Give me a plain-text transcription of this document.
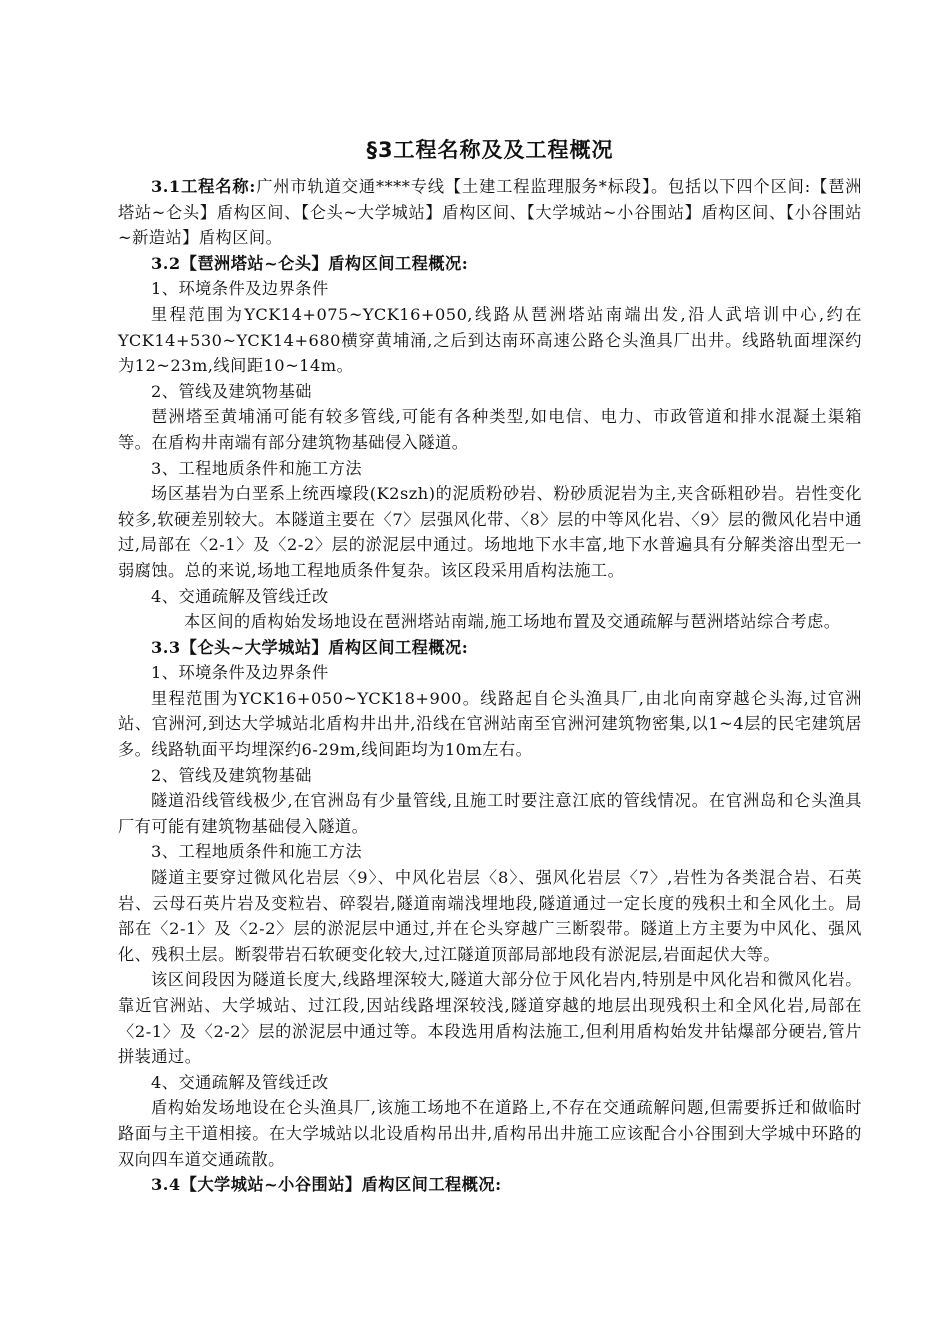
§3工程名称及及工程概况

3.1工程名称:广州市轨道交通****专线【土建工程监理服务*标段】。包括以下四个区间:【琶洲塔站~仑头】盾构区间、【仑头~大学城站】盾构区间、【大学城站~小谷围站】盾构区间、【小谷围站~新造站】盾构区间。

3.2【琶洲塔站~仑头】盾构区间工程概况:

1、环境条件及边界条件

里程范围为YCK14+075~YCK16+050,线路从琶洲塔站南端出发,沿人武培训中心,约在YCK14+530~YCK14+680横穿黄埔涌,之后到达南环高速公路仑头渔具厂出井。线路轨面埋深约为12~23m,线间距10~14m。

2、管线及建筑物基础

琶洲塔至黄埔涌可能有较多管线,可能有各种类型,如电信、电力、市政管道和排水混凝土渠箱等。在盾构井南端有部分建筑物基础侵入隧道。

3、工程地质条件和施工方法

场区基岩为白垩系上统西壕段(K2szh)的泥质粉砂岩、粉砂质泥岩为主,夹含砾粗砂岩。岩性变化较多,软硬差别较大。本隧道主要在〈7〉层强风化带、〈8〉层的中等风化岩、〈9〉层的微风化岩中通过,局部在〈2-1〉及〈2-2〉层的淤泥层中通过。场地地下水丰富,地下水普遍具有分解类溶出型无一弱腐蚀。总的来说,场地工程地质条件复杂。该区段采用盾构法施工。

4、交通疏解及管线迁改

本区间的盾构始发场地设在琶洲塔站南端,施工场地布置及交通疏解与琶洲塔站综合考虑。

3.3【仑头~大学城站】盾构区间工程概况:

1、环境条件及边界条件

里程范围为YCK16+050~YCK18+900。线路起自仑头渔具厂,由北向南穿越仑头海,过官洲站、官洲河,到达大学城站北盾构井出井,沿线在官洲站南至官洲河建筑物密集,以1~4层的民宅建筑居多。线路轨面平均埋深约6-29m,线间距均为10m左右。

2、管线及建筑物基础

隧道沿线管线极少,在官洲岛有少量管线,且施工时要注意江底的管线情况。在官洲岛和仑头渔具厂有可能有建筑物基础侵入隧道。

3、工程地质条件和施工方法

隧道主要穿过微风化岩层〈9〉、中风化岩层〈8〉、强风化岩层〈7〉,岩性为各类混合岩、石英岩、云母石英片岩及变粒岩、碎裂岩,隧道南端浅埋地段,隧道通过一定长度的残积土和全风化土。局部在〈2-1〉及〈2-2〉层的淤泥层中通过,并在仑头穿越广三断裂带。隧道上方主要为中风化、强风化、残积土层。断裂带岩石软硬变化较大,过江隧道顶部局部地段有淤泥层,岩面起伏大等。

该区间段因为隧道长度大,线路埋深较大,隧道大部分位于风化岩内,特别是中风化岩和微风化岩。靠近官洲站、大学城站、过江段,因站线路埋深较浅,隧道穿越的地层出现残积土和全风化岩,局部在〈2-1〉及〈2-2〉层的淤泥层中通过等。本段选用盾构法施工,但利用盾构始发井钻爆部分硬岩,管片拼装通过。

4、交通疏解及管线迁改

盾构始发场地设在仑头渔具厂,该施工场地不在道路上,不存在交通疏解问题,但需要拆迁和做临时路面与主干道相接。在大学城站以北设盾构吊出井,盾构吊出井施工应该配合小谷围到大学城中环路的双向四车道交通疏散。

3.4【大学城站~小谷围站】盾构区间工程概况:
